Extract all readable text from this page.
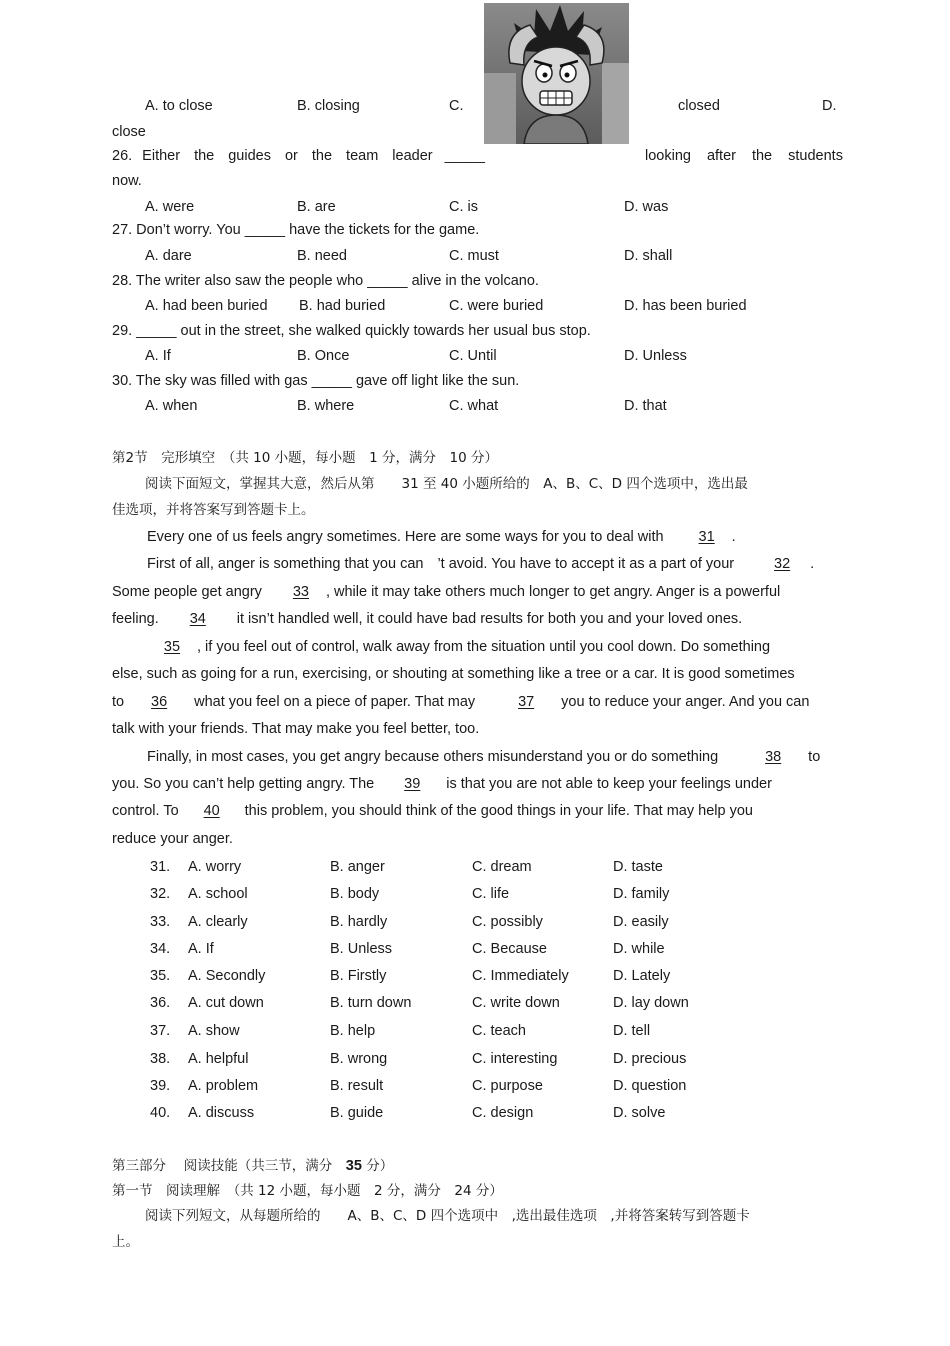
A. to close	B. closing	C.	closed	D.
close
26. Either the guides or the team leader _____	looking after the students
now.
A. were	B. are	C. is	D. was
27. Don’t worry. You _____ have the tickets for the game.
A. dare	B. need	C. must	D. shall
28. The writer also saw the people who _____ alive in the volcano.
A. had been buried B. had buried	C. were buried	D. has been buried
29. _____ out in the street, she walked quickly towards her usual bus stop.
A. If	B. Once	C. Until	D. Unless
30. The sky was filled with gas _____ gave off light like the sun.
A. when	B. where	C. what	D. that
第2节　完形填空　（共 10 小题，每小题　1 分，满分　10 分）
阅读下面短文，掌握其大意，然后从第　　31 至 40 小题所给的　A、B、C、D 四个选项中，选出最
佳选项，并将答案写到答题卡上。
Every one of us feels angry sometimes. Here are some ways for you to deal with 31 .
First of all, anger is something that you can ’t avoid. You have to accept it as a part of your	32 .
Some people get angry 33 , while it may take others much longer to get angry. Anger is a powerful
feeling. 34 it isn’t handled well, it could have bad results for both you and your loved ones.
35 , if you feel out of control, walk away from the situation until you cool down. Do something
else, such as going for a run, exercising, or shouting at something like a tree or a car. It is good sometimes
to 36 what you feel on a piece of paper. That may	37 you to reduce your anger. And you can
talk with your friends. That may make you feel better, too.
Finally, in most cases, you get angry because others misunderstand you or do something	38 to
you. So you can’t help getting angry. The 39 is that you are not able to keep your feelings under
control. To 40 this problem, you should think of the good things in your life. That may help you
reduce your anger.
31. A. worry	B. anger	C. dream	D. taste
32. A. school	B. body	C. life	D. family
33. A. clearly	B. hardly	C. possibly	D. easily
34. A. If	B. Unless	C. Because	D. while
35. A. Secondly	B. Firstly	C. Immediately	D. Lately
36. A. cut down	B. turn down	C. write down	D. lay down
37. A. show	B. help	C. teach	D. tell
38. A. helpful	B. wrong	C. interesting	D. precious
39. A. problem	B. result	C. purpose	D. question
40. A. discuss	B. guide	C. design	D. solve
第三部分　 阅读技能（共三节，满分　35 分）
第一节　阅读理解　（共 12 小题，每小题　2 分，满分　24 分）
阅读下列短文，从每题所给的　　A、B、C、D 四个选项中　,选出最佳选项　,并将答案转写到答题卡
上。
